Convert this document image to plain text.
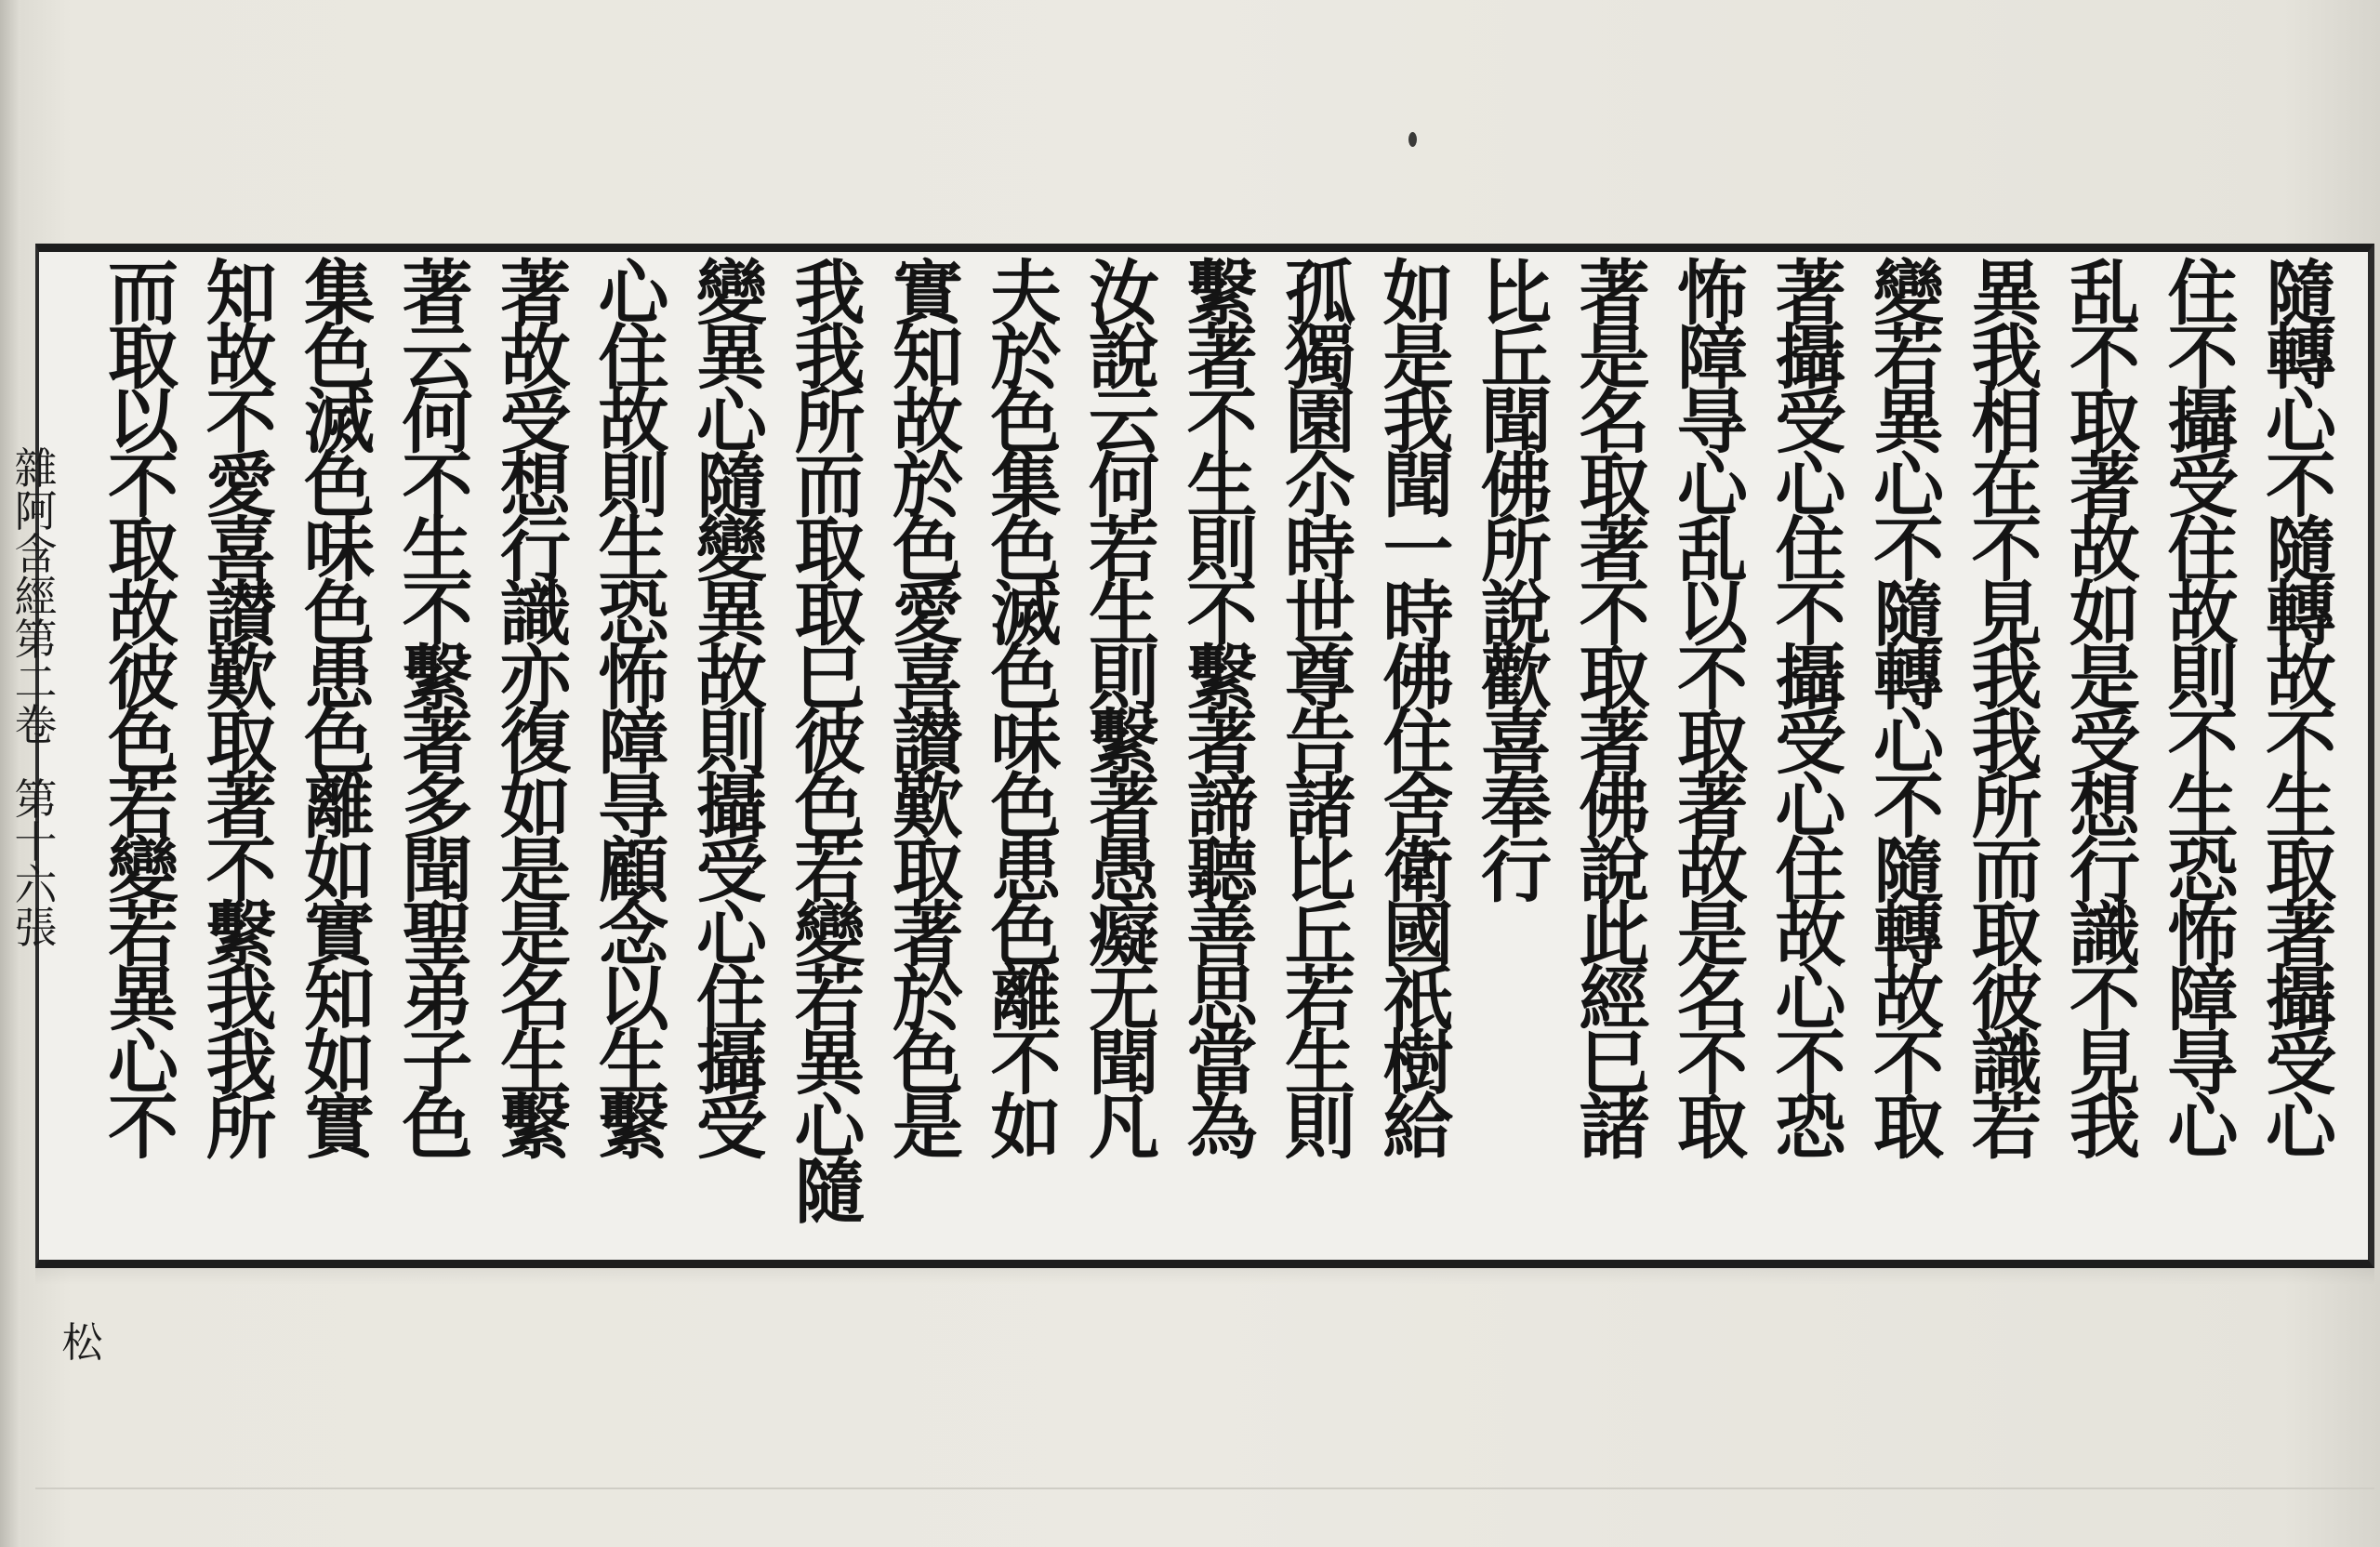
雜
阿
含
經
第
二
卷
第
十
六
張
松
隨
轉
心
不
隨
轉
故
不
生
取
著
攝
受
心
住
不
攝
受
住
故
則
不
生
恐
怖
障
㝵
心
乱
不
取
著
故
如
是
受
想
行
識
不
見
我
異
我
相
在
不
見
我
我
所
而
取
彼
識
若
變
若
異
心
不
隨
轉
心
不
隨
轉
故
不
取
著
攝
受
心
住
不
攝
受
心
住
故
心
不
恐
怖
障
㝵
心
乱
以
不
取
著
故
是
名
不
取
著
是
名
取
著
不
取
著
佛
說
此
經
巳
諸
比
丘
聞
佛
所
說
歡
喜
奉
行
如
是
我
聞
一
時
佛
住
舍
衛
國
祇
樹
給
孤
獨
園
尒
時
世
尊
告
諸
比
丘
若
生
則
繫
著
不
生
則
不
繫
著
諦
聽
善
思
當
為
汝
說
云
何
若
生
則
繫
著
愚
癡
无
聞
凡
夫
於
色
集
色
滅
色
味
色
患
色
離
不
如
實
知
故
於
色
愛
喜
讃
歎
取
著
於
色
是
我
我
所
而
取
取
巳
彼
色
若
變
若
異
心
隨
變
異
心
隨
變
異
故
則
攝
受
心
住
攝
受
心
住
故
則
生
恐
怖
障
㝵
顧
念
以
生
繫
著
故
受
想
行
識
亦
復
如
是
是
名
生
繫
著
云
何
不
生
不
繫
著
多
聞
聖
弟
子
色
集
色
滅
色
味
色
患
色
離
如
實
知
如
實
知
故
不
愛
喜
讃
歎
取
著
不
繫
我
我
所
而
取
以
不
取
故
彼
色
若
變
若
異
心
不
